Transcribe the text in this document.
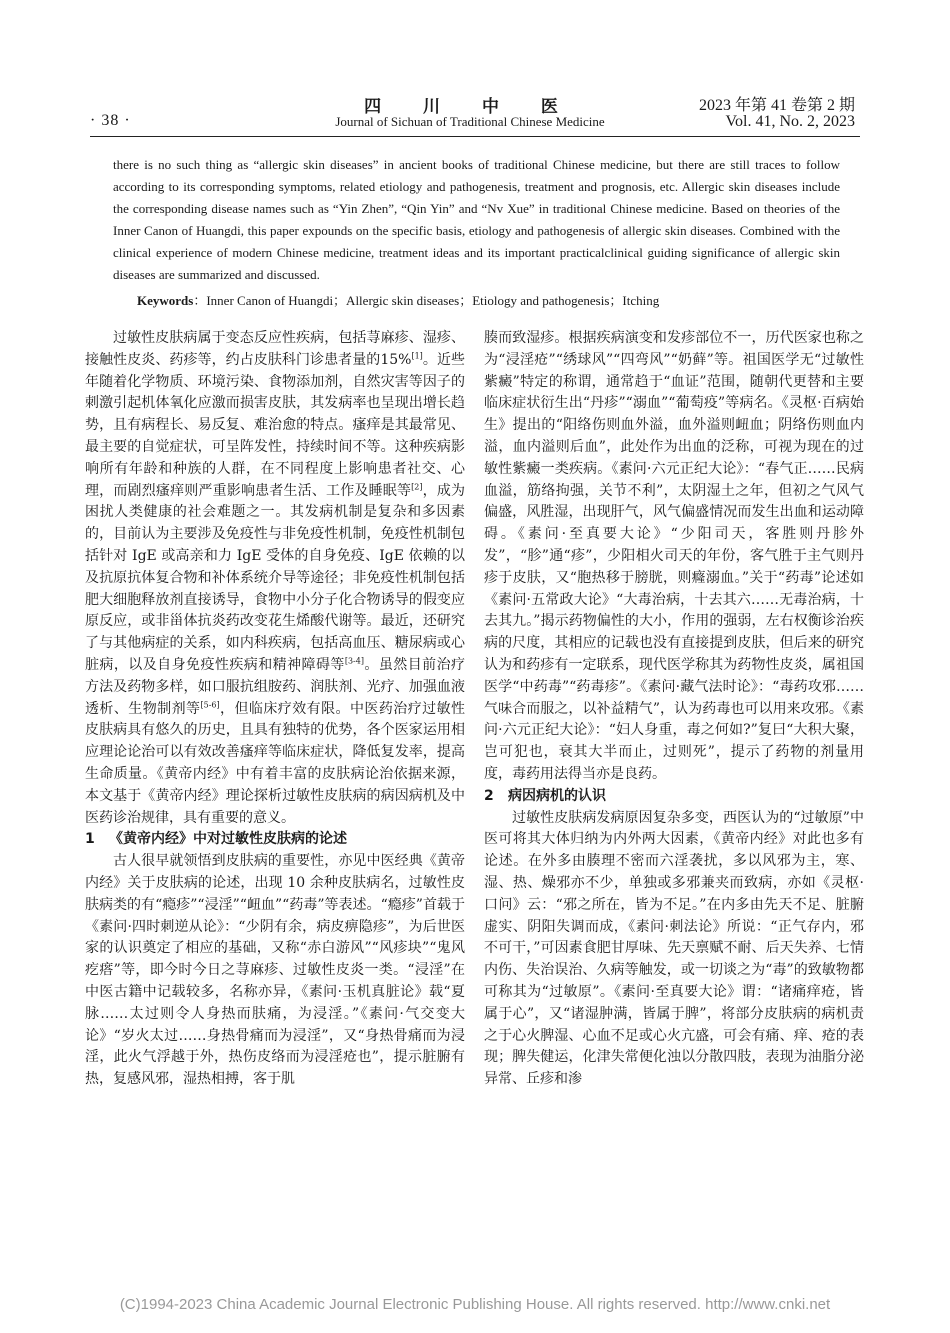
· 38 ·
四 川 中 医
Journal of Sichuan of Traditional Chinese Medicine
2023 年第 41 卷第 2 期
Vol. 41, No. 2, 2023
there is no such thing as “allergic skin diseases” in ancient books of traditional Chinese medicine, but there are still traces to follow according to its corresponding symptoms, related etiology and pathogenesis, treatment and prognosis, etc. Allergic skin diseases include the corresponding disease names such as “Yin Zhen”, “Qin Yin” and “Nv Xue” in traditional Chinese medicine. Based on theories of the Inner Canon of Huangdi, this paper expounds on the specific basis, etiology and pathogenesis of allergic skin diseases. Combined with the clinical experience of modern Chinese medicine, treatment ideas and its important practicalclinical guiding significance of allergic skin diseases are summarized and discussed.
Keywords：Inner Canon of Huangdi；Allergic skin diseases；Etiology and pathogenesis；Itching

过敏性皮肤病属于变态反应性疾病，包括荨麻疹、湿疹、接触性皮炎、药疹等，约占皮肤科门诊患者量的15%[1]。近些年随着化学物质、环境污染、食物添加剂，自然灾害等因子的刺激引起机体氧化应激而损害皮肤，其发病率也呈现出增长趋势，且有病程长、易反复、难治愈的特点。瘙痒是其最常见、最主要的自觉症状，可呈阵发性，持续时间不等。这种疾病影响所有年龄和种族的人群，在不同程度上影响患者社交、心理，而剧烈瘙痒则严重影响患者生活、工作及睡眠等[2]，成为困扰人类健康的社会难题之一。其发病机制是复杂和多因素的，目前认为主要涉及免疫性与非免疫性机制，免疫性机制包括针对 IgE 或高亲和力 IgE 受体的自身免疫、IgE 依赖的以及抗原抗体复合物和补体系统介导等途径；非免疫性机制包括肥大细胞释放剂直接诱导，食物中小分子化合物诱导的假变应原反应，或非甾体抗炎药改变花生烯酸代谢等。最近，还研究了与其他病症的关系，如内科疾病，包括高血压、糖尿病或心脏病，以及自身免疫性疾病和精神障碍等[3-4]。虽然目前治疗方法及药物多样，如口服抗组胺药、润肤剂、光疗、加强血液透析、生物制剂等[5-6]，但临床疗效有限。中医药治疗过敏性皮肤病具有悠久的历史，且具有独特的优势，各个医家运用相应理论论治可以有效改善瘙痒等临床症状，降低复发率，提高生命质量。《黄帝内经》中有着丰富的皮肤病论治依据来源，本文基于《黄帝内经》理论探析过敏性皮肤病的病因病机及中医药诊治规律，具有重要的意义。

1 《黄帝内经》中对过敏性皮肤病的论述

古人很早就领悟到皮肤病的重要性，亦见中医经典《黄帝内经》关于皮肤病的论述，出现 10 余种皮肤病名，过敏性皮肤病类的有“瘾疹”“浸淫”“衄血”“药毒”等表述。“瘾疹”首载于《素问·四时刺逆从论》：“少阴有余，病皮痹隐疹”，为后世医家的认识奠定了相应的基础，又称“赤白游风”“风疹块”“鬼风疙瘩”等，即今时今日之荨麻疹、过敏性皮炎一类。“浸淫”在中医古籍中记载较多，名称亦异，《素问·玉机真脏论》载“夏脉……太过则令人身热而肤痛，为浸淫。”《素问·气交变大论》“岁火太过……身热骨痛而为浸淫”，又“身热骨痛而为浸淫，此火气浮越于外，热伤皮络而为浸淫疮也”，提示脏腑有热，复感风邪，湿热相搏，客于肌

腠而致湿疹。根据疾病演变和发疹部位不一，历代医家也称之为“浸淫疮”“绣球风”“四弯风”“奶藓”等。祖国医学无“过敏性紫癜”特定的称谓，通常趋于“血证”范围，随朝代更替和主要临床症状衍生出“丹疹”“溺血”“葡萄疫”等病名。《灵枢·百病始生》提出的“阳络伤则血外溢，血外溢则衄血；阴络伤则血内溢，血内溢则后血”，此处作为出血的泛称，可视为现在的过敏性紫癜一类疾病。《素问·六元正纪大论》：“春气正……民病血溢，筋络拘强，关节不利”，太阴湿土之年，但初之气风气偏盛，风胜湿，出现肝气，风气偏盛情况而发生出血和运动障碍。《素问·至真要大论》“少阳司天，客胜则丹胗外发”，“胗”通“疹”，少阳相火司天的年份，客气胜于主气则丹疹于皮肤，又“胞热移于膀胱，则癃溺血。”关于“药毒”论述如《素问·五常政大论》“大毒治病，十去其六……无毒治病，十去其九。”揭示药物偏性的大小，作用的强弱，左右权衡诊治疾病的尺度，其相应的记载也没有直接提到皮肤，但后来的研究认为和药疹有一定联系，现代医学称其为药物性皮炎，属祖国医学“中药毒”“药毒疹”。《素问·藏气法时论》：“毒药攻邪……气味合而服之，以补益精气”，认为药毒也可以用来攻邪。《素问·六元正纪大论》：“妇人身重，毒之何如?”复曰“大积大聚，岂可犯也，衰其大半而止，过则死”，提示了药物的剂量用度，毒药用法得当亦是良药。

2 病因病机的认识

过敏性皮肤病发病原因复杂多变，西医认为的“过敏原”中医可将其大体归纳为内外两大因素，《黄帝内经》对此也多有论述。在外多由腠理不密而六淫袭扰，多以风邪为主，寒、湿、热、燥邪亦不少，单独或多邪兼夹而致病，亦如《灵枢·口问》云：“邪之所在，皆为不足。”在内多由先天不足、脏腑虚实、阴阳失调而成，《素问·刺法论》所说：“正气存内，邪不可干，”可因素食肥甘厚味、先天禀赋不耐、后天失养、七情内伤、失治误治、久病等触发，或一切谈之为“毒”的致敏物都可称其为“过敏原”。《素问·至真要大论》谓：“诸痛痒疮，皆属于心”，又“诸湿肿满，皆属于脾”，将部分皮肤病的病机责之于心火脾湿、心血不足或心火亢盛，可会有痛、痒、疮的表现；脾失健运，化津失常便化浊以分散四肢，表现为油脂分泌异常、丘疹和渗

(C)1994-2023 China Academic Journal Electronic Publishing House. All rights reserved. http://www.cnki.net
